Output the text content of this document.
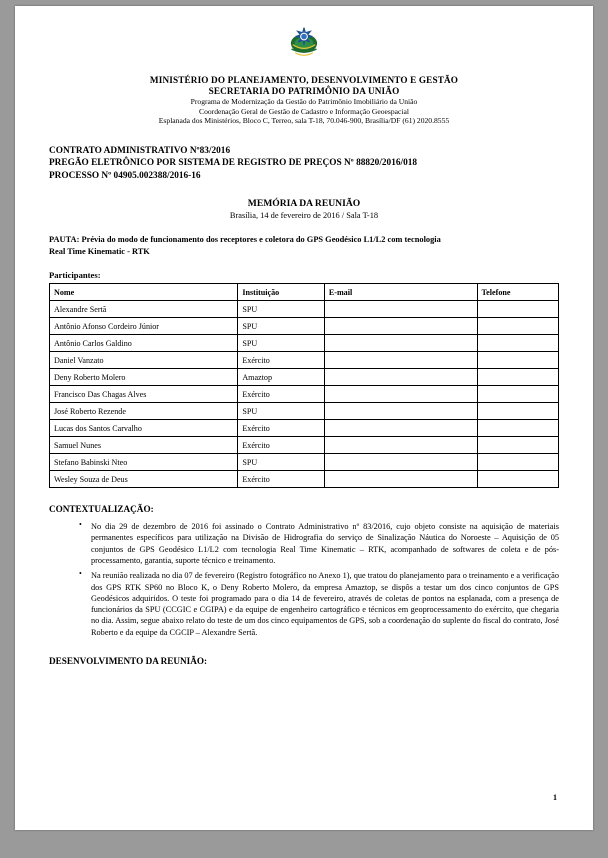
MINISTÉRIO DO PLANEJAMENTO, DESENVOLVIMENTO E GESTÃO
SECRETARIA DO PATRIMÔNIO DA UNIÃO
Programa de Modernização da Gestão do Patrimônio Imobiliário da União
Coordenação Geral de Gestão de Cadastro e Informação Geoespacial
Esplanada dos Ministérios, Bloco C, Terreo, sala T-18, 70.046-900, Brasília/DF (61) 2020.8555
CONTRATO ADMINISTRATIVO Nº83/2016
PREGÃO ELETRÔNICO POR SISTEMA DE REGISTRO DE PREÇOS Nº 88820/2016/018
PROCESSO Nº 04905.002388/2016-16
MEMÓRIA DA REUNIÃO
Brasília, 14 de fevereiro de 2016 / Sala T-18
PAUTA: Prévia do modo de funcionamento dos receptores e coletora do GPS Geodésico L1/L2 com tecnologia
Real Time Kinematic - RTK
Participantes:
Nome	Instituição	E-mail	Telefone
Alexandre Sertã	SPU		
Antônio Afonso Cordeiro Júnior	SPU		
Antônio Carlos Galdino	SPU		
Daniel Vanzato	Exército		
Deny Roberto Molero	Amaztop		
Francisco Das Chagas Alves	Exército		
José Roberto Rezende	SPU		
Lucas dos Santos Carvalho	Exército		
Samuel Nunes	Exército		
Stefano Babinski Nteo	SPU		
Wesley Souza de Deus	Exército		
CONTEXTUALIZAÇÃO:
• No dia 29 de dezembro de 2016 foi assinado o Contrato Administrativo nº 83/2016, cujo objeto consiste na aquisição de materiais permanentes específicos para utilização na Divisão de Hidrografia do serviço de Sinalização Náutica do Noroeste – Aquisição de 05 conjuntos de GPS Geodésico L1/L2 com tecnologia Real Time Kinematic – RTK, acompanhado de softwares de coleta e de pós-processamento, garantia, suporte técnico e treinamento.
• Na reunião realizada no dia 07 de fevereiro (Registro fotográfico no Anexo 1), que tratou do planejamento para o treinamento e a verificação dos GPS RTK SP60 no Bloco K, o Deny Roberto Molero, da empresa Amaztop, se dispôs a testar um dos cinco conjuntos de GPS Geodésicos adquiridos. O teste foi programado para o dia 14 de fevereiro, através de coletas de pontos na esplanada, com a presença de funcionários da SPU (CCGIC e CGIPA) e da equipe de engenheiro cartográfico e técnicos em geoprocessamento do exército, que chegaria no dia. Assim, segue abaixo relato do teste de um dos cinco equipamentos de GPS, sob a coordenação do suplente do fiscal do contrato, José Roberto e da equipe da CGCIP – Alexandre Sertã.
DESENVOLVIMENTO DA REUNIÃO:
1
